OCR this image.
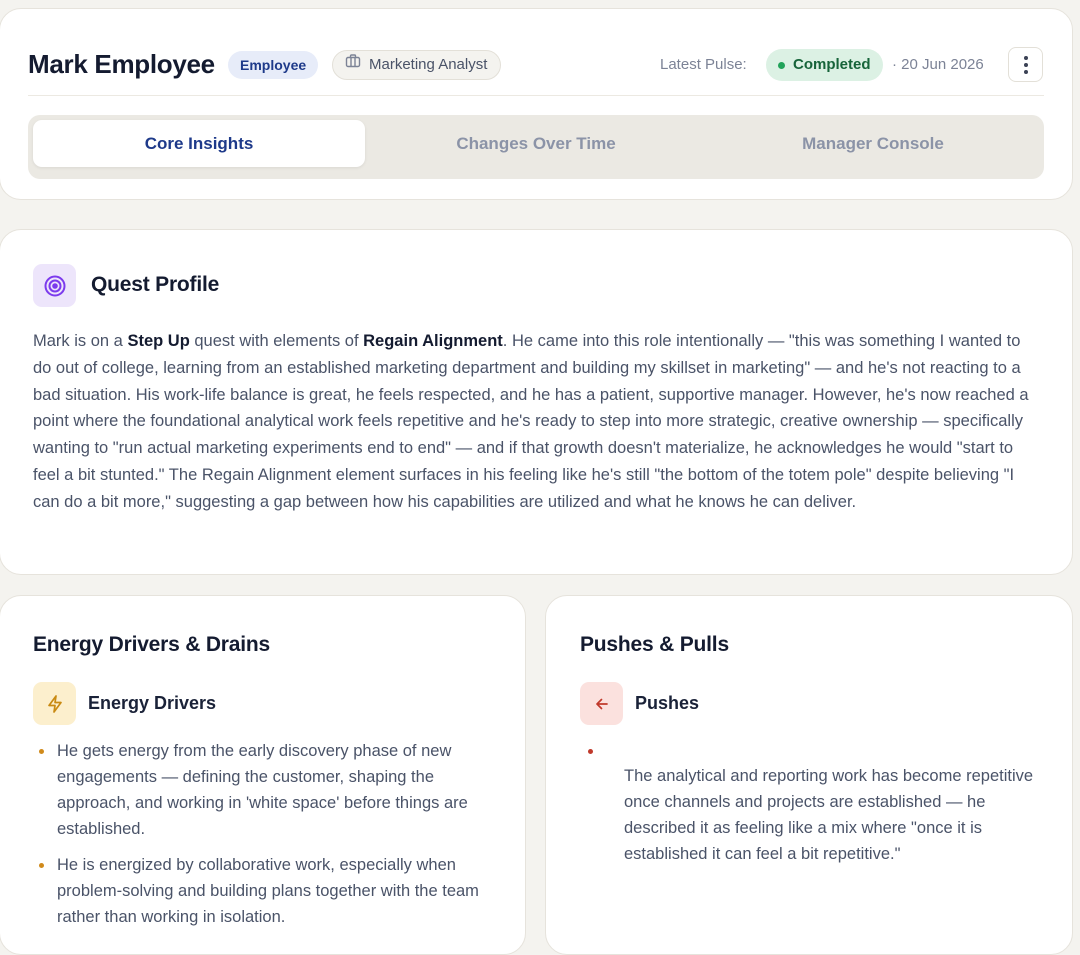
Mark Employee	Employee	Marketing Analyst	Latest Pulse:	Completed · 20 Jun 2026
Core Insights	Changes Over Time	Manager Console
Quest Profile

Mark is on a Step Up quest with elements of Regain Alignment. He came into this role intentionally — "this was something I wanted to do out of college, learning from an established marketing department and building my skillset in marketing" — and he's not reacting to a bad situation. His work-life balance is great, he feels respected, and he has a patient, supportive manager. However, he's now reached a point where the foundational analytical work feels repetitive and he's ready to step into more strategic, creative ownership — specifically wanting to "run actual marketing experiments end to end" — and if that growth doesn't materialize, he acknowledges he would "start to feel a bit stunted." The Regain Alignment element surfaces in his feeling like he's still "the bottom of the totem pole" despite believing "I can do a bit more," suggesting a gap between how his capabilities are utilized and what he knows he can deliver.

Energy Drivers & Drains
Energy Drivers
He gets energy from the early discovery phase of new engagements — defining the customer, shaping the approach, and working in 'white space' before things are established.
He is energized by collaborative work, especially when problem-solving and building plans together with the team rather than working in isolation.
Pushes & Pulls
Pushes

The analytical and reporting work has become repetitive once channels and projects are established — he described it as feeling like a mix where "once it is established it can feel a bit repetitive."
